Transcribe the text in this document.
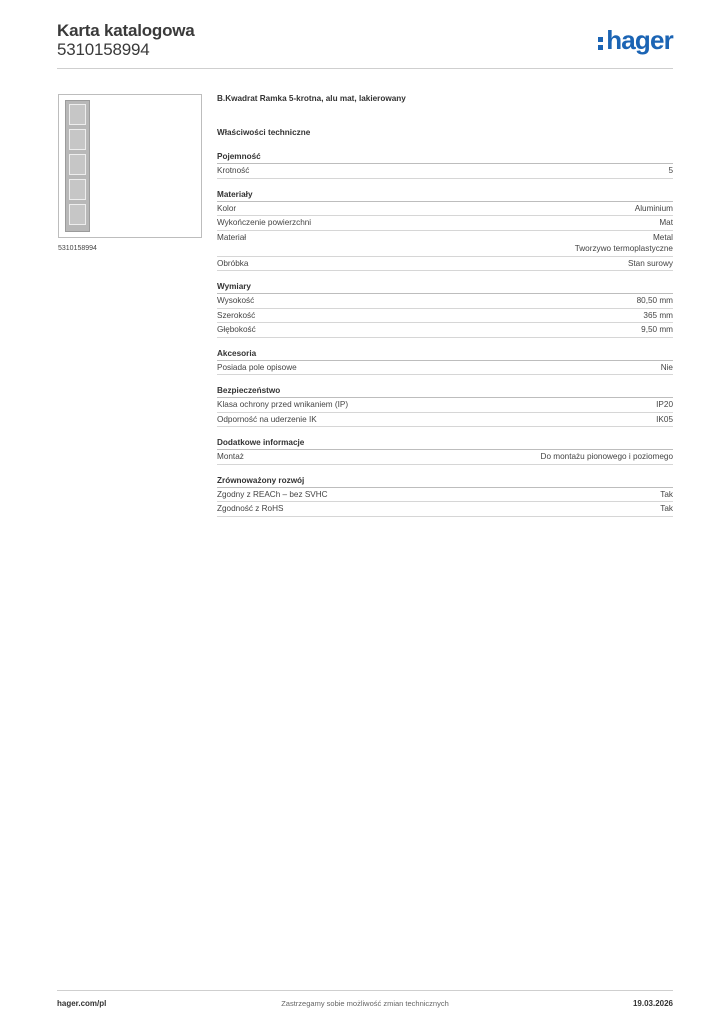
Karta katalogowa
5310158994	hager
5310158994
B.Kwadrat Ramka 5-krotna, alu mat, lakierowany
Właściwości techniczne
Pojemność
Krotność	5
Materiały
Kolor	Aluminium
Wykończenie powierzchni	Mat
Materiał	Metal
Tworzywo termoplastyczne
Obróbka	Stan surowy
Wymiary
Wysokość	80,50 mm
Szerokość	365 mm
Głębokość	9,50 mm
Akcesoria
Posiada pole opisowe	Nie
Bezpieczeństwo
Klasa ochrony przed wnikaniem (IP)	IP20
Odporność na uderzenie IK	IK05
Dodatkowe informacje
Montaż	Do montażu pionowego i poziomego
Zrównoważony rozwój
Zgodny z REACh – bez SVHC	Tak
Zgodność z RoHS	Tak
hager.com/pl	Zastrzegamy sobie możliwość zmian technicznych	19.03.2026
